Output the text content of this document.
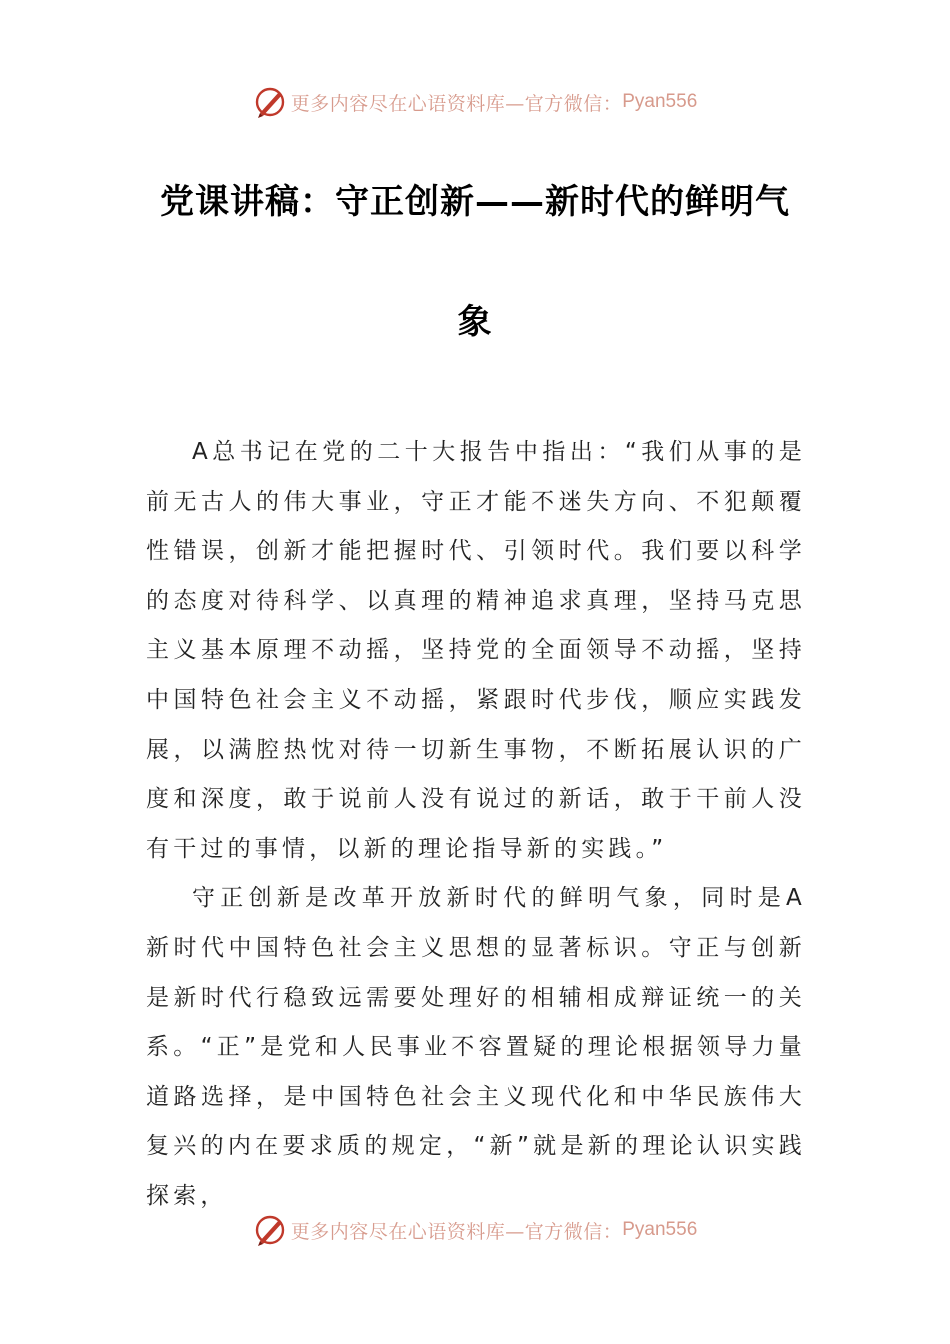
更多内容尽在心语资料库—官方微信： Pyan556
党课讲稿：守正创新——新时代的鲜明气
象

A总书记在党的二十大报告中指出：“我们从事的是前无古人的伟大事业，守正才能不迷失方向、不犯颠覆性错误，创新才能把握时代、引领时代。我们要以科学的态度对待科学、以真理的精神追求真理，坚持马克思主义基本原理不动摇，坚持党的全面领导不动摇，坚持中国特色社会主义不动摇，紧跟时代步伐，顺应实践发展，以满腔热忱对待一切新生事物，不断拓展认识的广度和深度，敢于说前人没有说过的新话，敢于干前人没有干过的事情，以新的理论指导新的实践。”

守正创新是改革开放新时代的鲜明气象，同时是A新时代中国特色社会主义思想的显著标识。守正与创新是新时代行稳致远需要处理好的相辅相成辩证统一的关系。“正”是党和人民事业不容置疑的理论根据领导力量道路选择，是中国特色社会主义现代化和中华民族伟大复兴的内在要求质的规定，“新”就是新的理论认识实践探索，

更多内容尽在心语资料库—官方微信： Pyan556
